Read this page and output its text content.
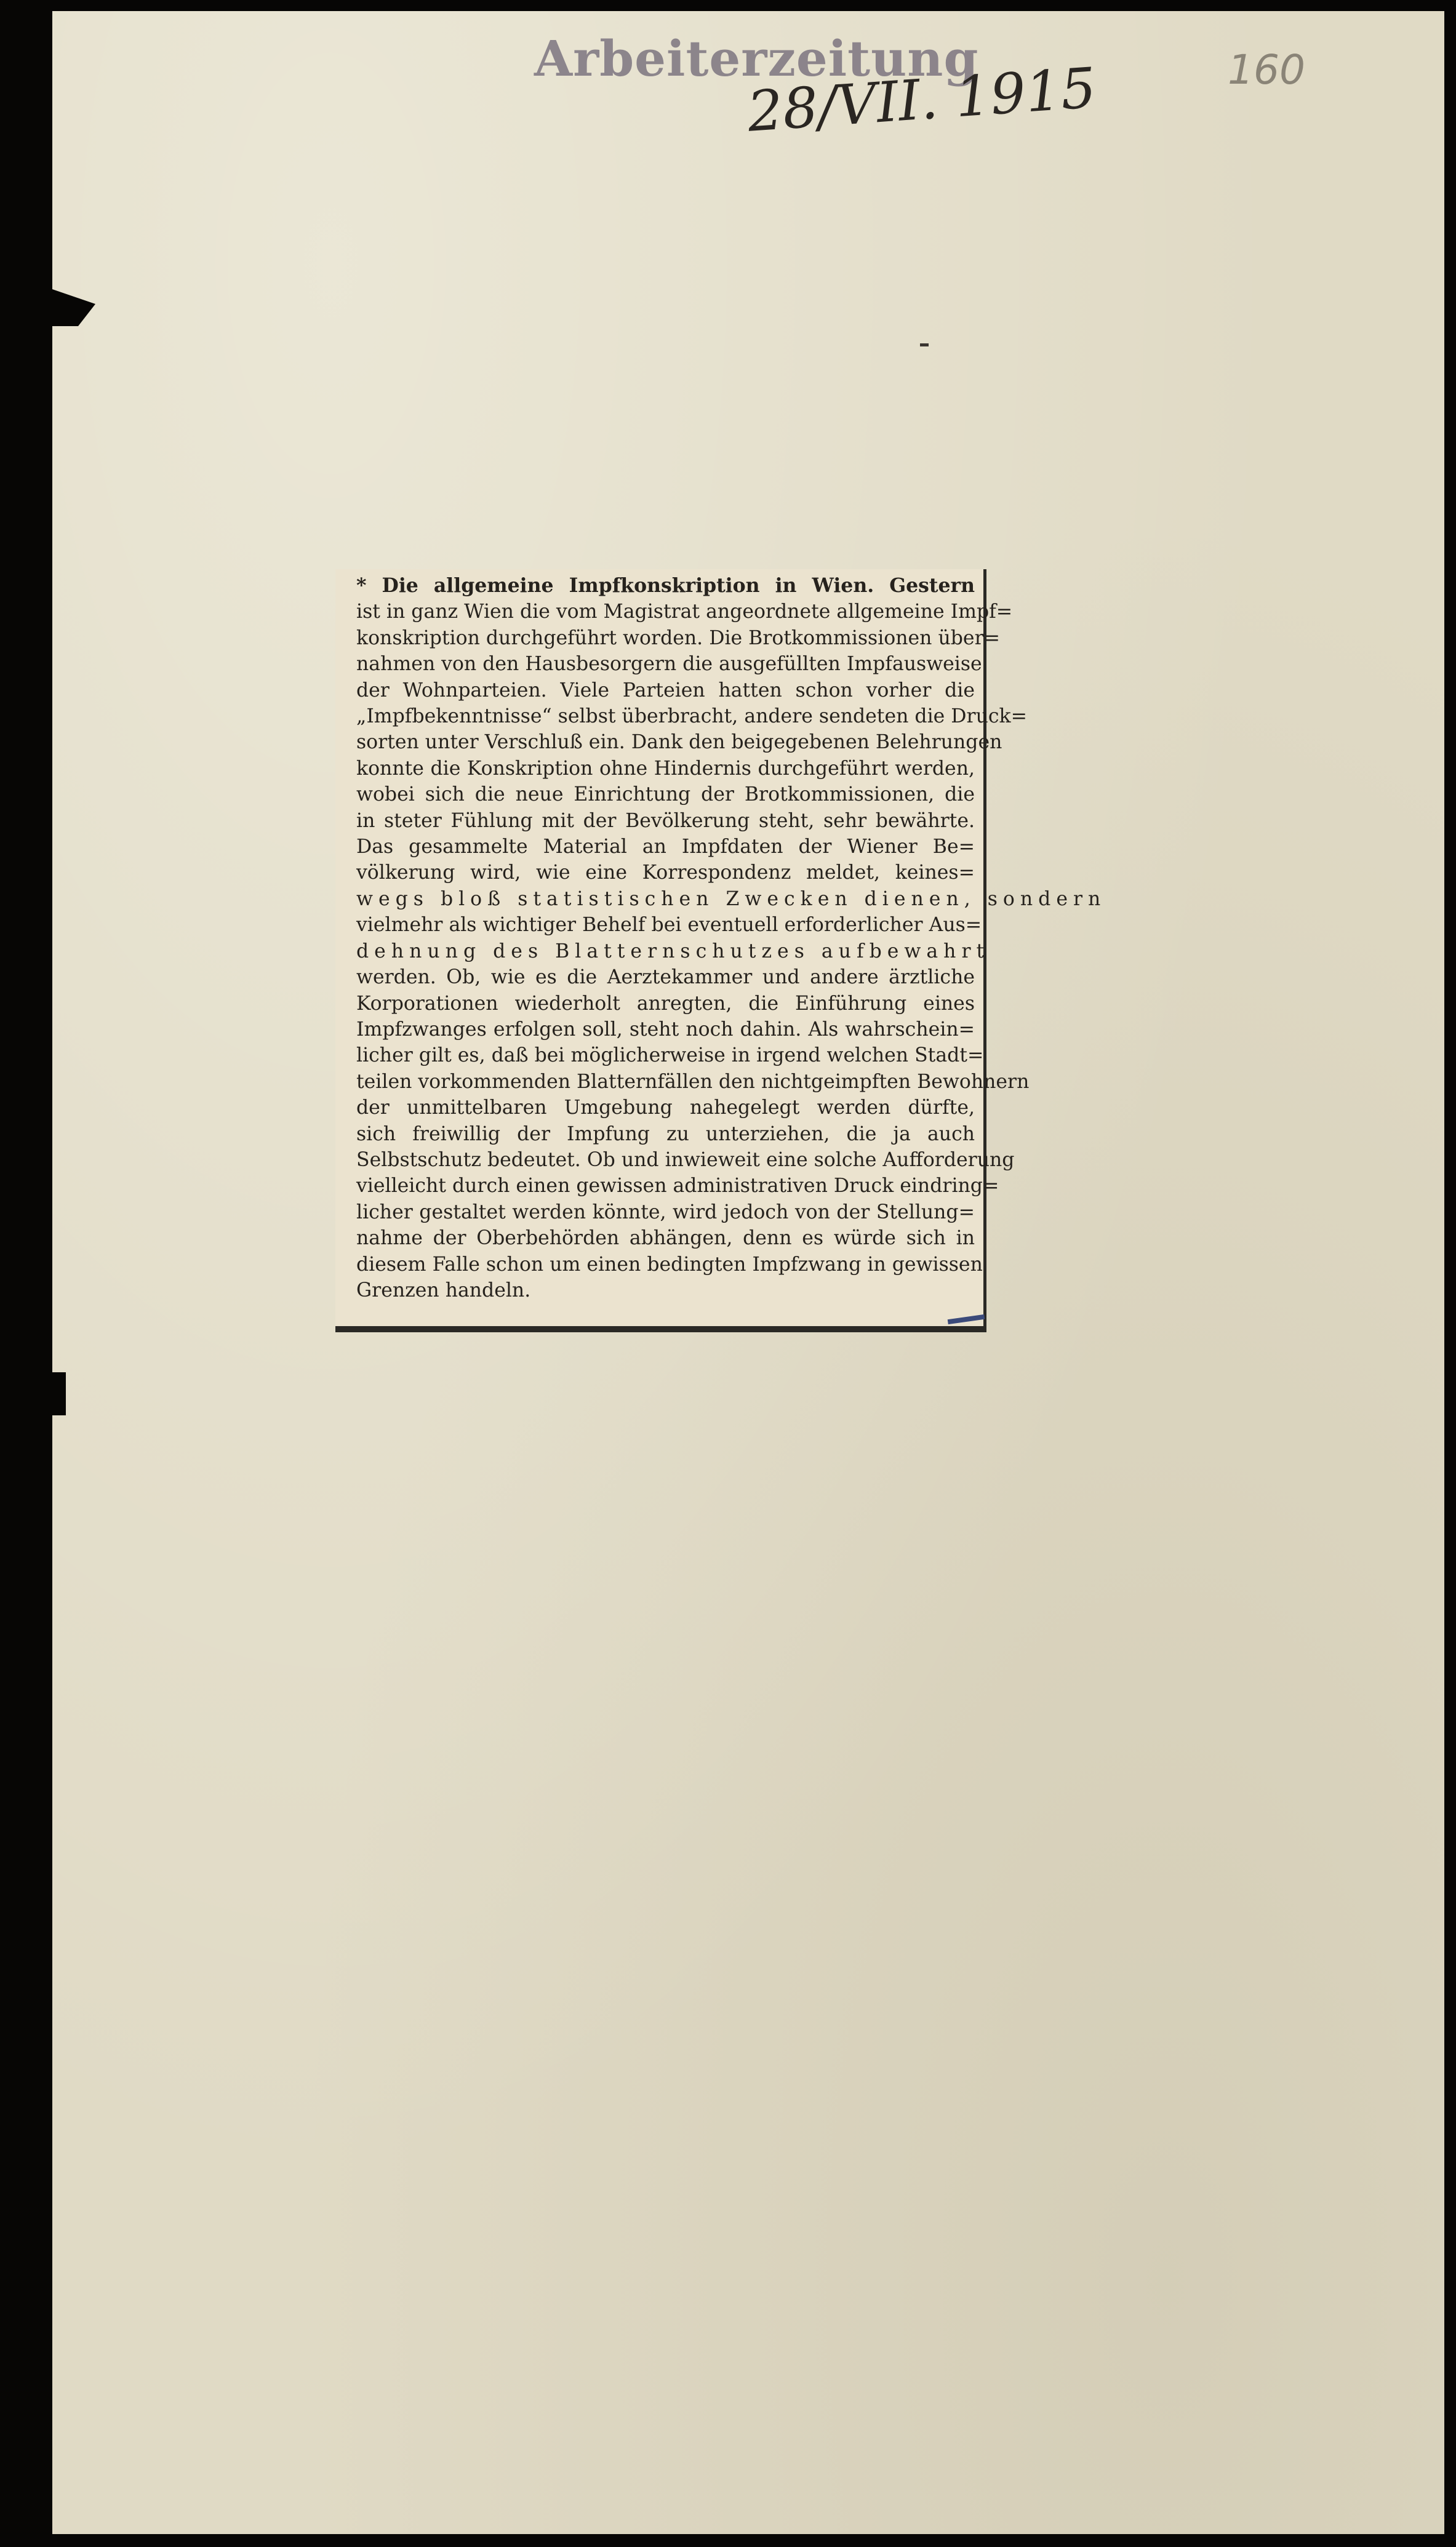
Arbeiterzeitung
28/VII. 1915	160

* Die allgemeine Impfkonskription in Wien. Gestern
ist in ganz Wien die vom Magistrat angeordnete allgemeine Impf=
konskription durchgeführt worden. Die Brotkommissionen über=
nahmen von den Hausbesorgern die ausgefüllten Impfausweise
der Wohnparteien. Viele Parteien hatten schon vorher die
„Impfbekenntnisse“ selbst überbracht, andere sendeten die Druck=
sorten unter Verschluß ein. Dank den beigegebenen Belehrungen
konnte die Konskription ohne Hindernis durchgeführt werden,
wobei sich die neue Einrichtung der Brotkommissionen, die
in steter Fühlung mit der Bevölkerung steht, sehr bewährte.
Das gesammelte Material an Impfdaten der Wiener Be=
völkerung wird, wie eine Korrespondenz meldet, keines=
wegs bloß statistischen Zwecken dienen, sondern
vielmehr als wichtiger Behelf bei eventuell erforderlicher Aus=
dehnung des Blatternschutzes aufbewahrt
werden. Ob, wie es die Aerztekammer und andere ärztliche
Korporationen wiederholt anregten, die Einführung eines
Impfzwanges erfolgen soll, steht noch dahin. Als wahrschein=
licher gilt es, daß bei möglicherweise in irgend welchen Stadt=
teilen vorkommenden Blatternfällen den nichtgeimpften Bewohnern
der unmittelbaren Umgebung nahegelegt werden dürfte,
sich freiwillig der Impfung zu unterziehen, die ja auch
Selbstschutz bedeutet. Ob und inwieweit eine solche Aufforderung
vielleicht durch einen gewissen administrativen Druck eindring=
licher gestaltet werden könnte, wird jedoch von der Stellung=
nahme der Oberbehörden abhängen, denn es würde sich in
diesem Falle schon um einen bedingten Impfzwang in gewissen
Grenzen handeln.
